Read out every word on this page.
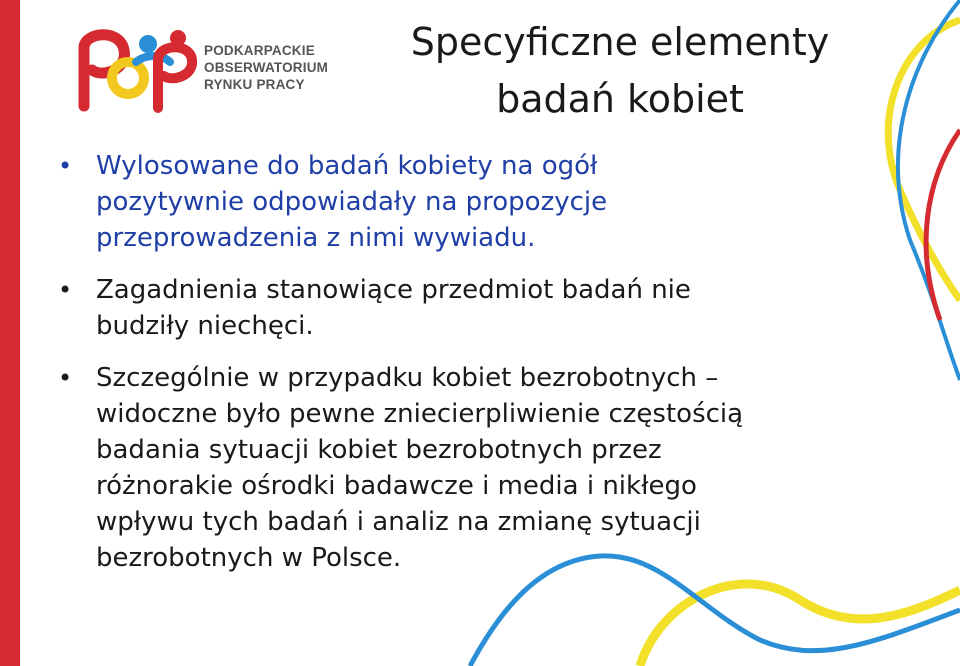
PODKARPACKIE
OBSERWATORIUM
RYNKU PRACY
Specyficzne elementy
badań kobiet
• Wylosowane do badań kobiety na ogół
pozytywnie odpowiadały na propozycje
przeprowadzenia z nimi wywiadu.
• Zagadnienia stanowiące przedmiot badań nie
budziły niechęci.
• Szczególnie w przypadku kobiet bezrobotnych –
widoczne było pewne zniecierpliwienie częstością
badania sytuacji kobiet bezrobotnych przez
różnorakie ośrodki badawcze i media i nikłego
wpływu tych badań i analiz na zmianę sytuacji
bezrobotnych w Polsce.
